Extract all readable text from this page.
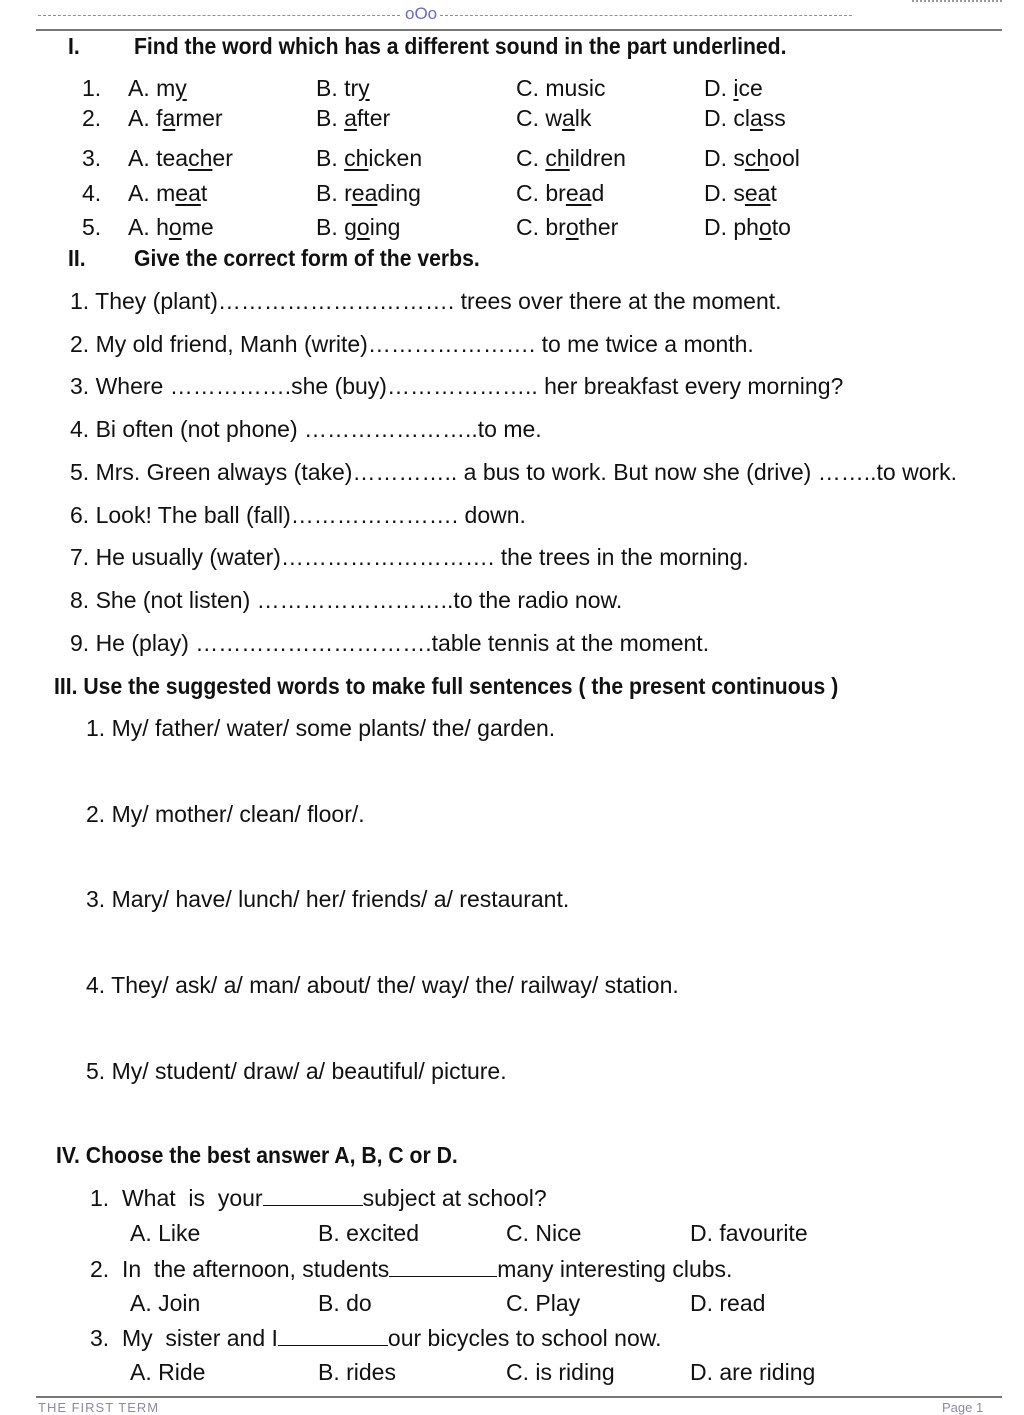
oOo
I. Find the word which has a different sound in the part underlined.
1. A. my	B. try	C. music	D. ice
2. A. farmer	B. after	C. walk	D. class
3. A. teacher	B. chicken	C. children	D. school
4. A. meat	B. reading	C. bread	D. seat
5. A. home	B. going	C. brother	D. photo
II. Give the correct form of the verbs.
1. They (plant)…………………………. trees over there at the moment.
2. My old friend, Manh (write)…………………. to me twice a month.
3. Where …………….she (buy)……………….. her breakfast every morning?
4. Bi often (not phone) …………………..to me.
5. Mrs. Green always (take)………….. a bus to work. But now she (drive) ……..to work.
6. Look! The ball (fall)…………………. down.
7. He usually (water)………………………. the trees in the morning.
8. She (not listen) ……………………..to the radio now.
9. He (play) ………………………….table tennis at the moment.
III. Use the suggested words to make full sentences ( the present continuous )
1. My/ father/ water/ some plants/ the/ garden.
2. My/ mother/ clean/ floor/.
3. Mary/ have/ lunch/ her/ friends/ a/ restaurant.
4. They/ ask/ a/ man/ about/ the/ way/ the/ railway/ station.
5. My/ student/ draw/ a/ beautiful/ picture.
IV. Choose the best answer A, B, C or D.
1.  What  is  your	subject at school?
A. Like	B. excited	C. Nice	D. favourite
2.  In  the afternoon, students	many interesting clubs.
A. Join	B. do	C. Play	D. read
3.  My  sister and I	our bicycles to school now.
A. Ride	B. rides	C. is riding	D. are riding
THE FIRST TERM	Page 1
